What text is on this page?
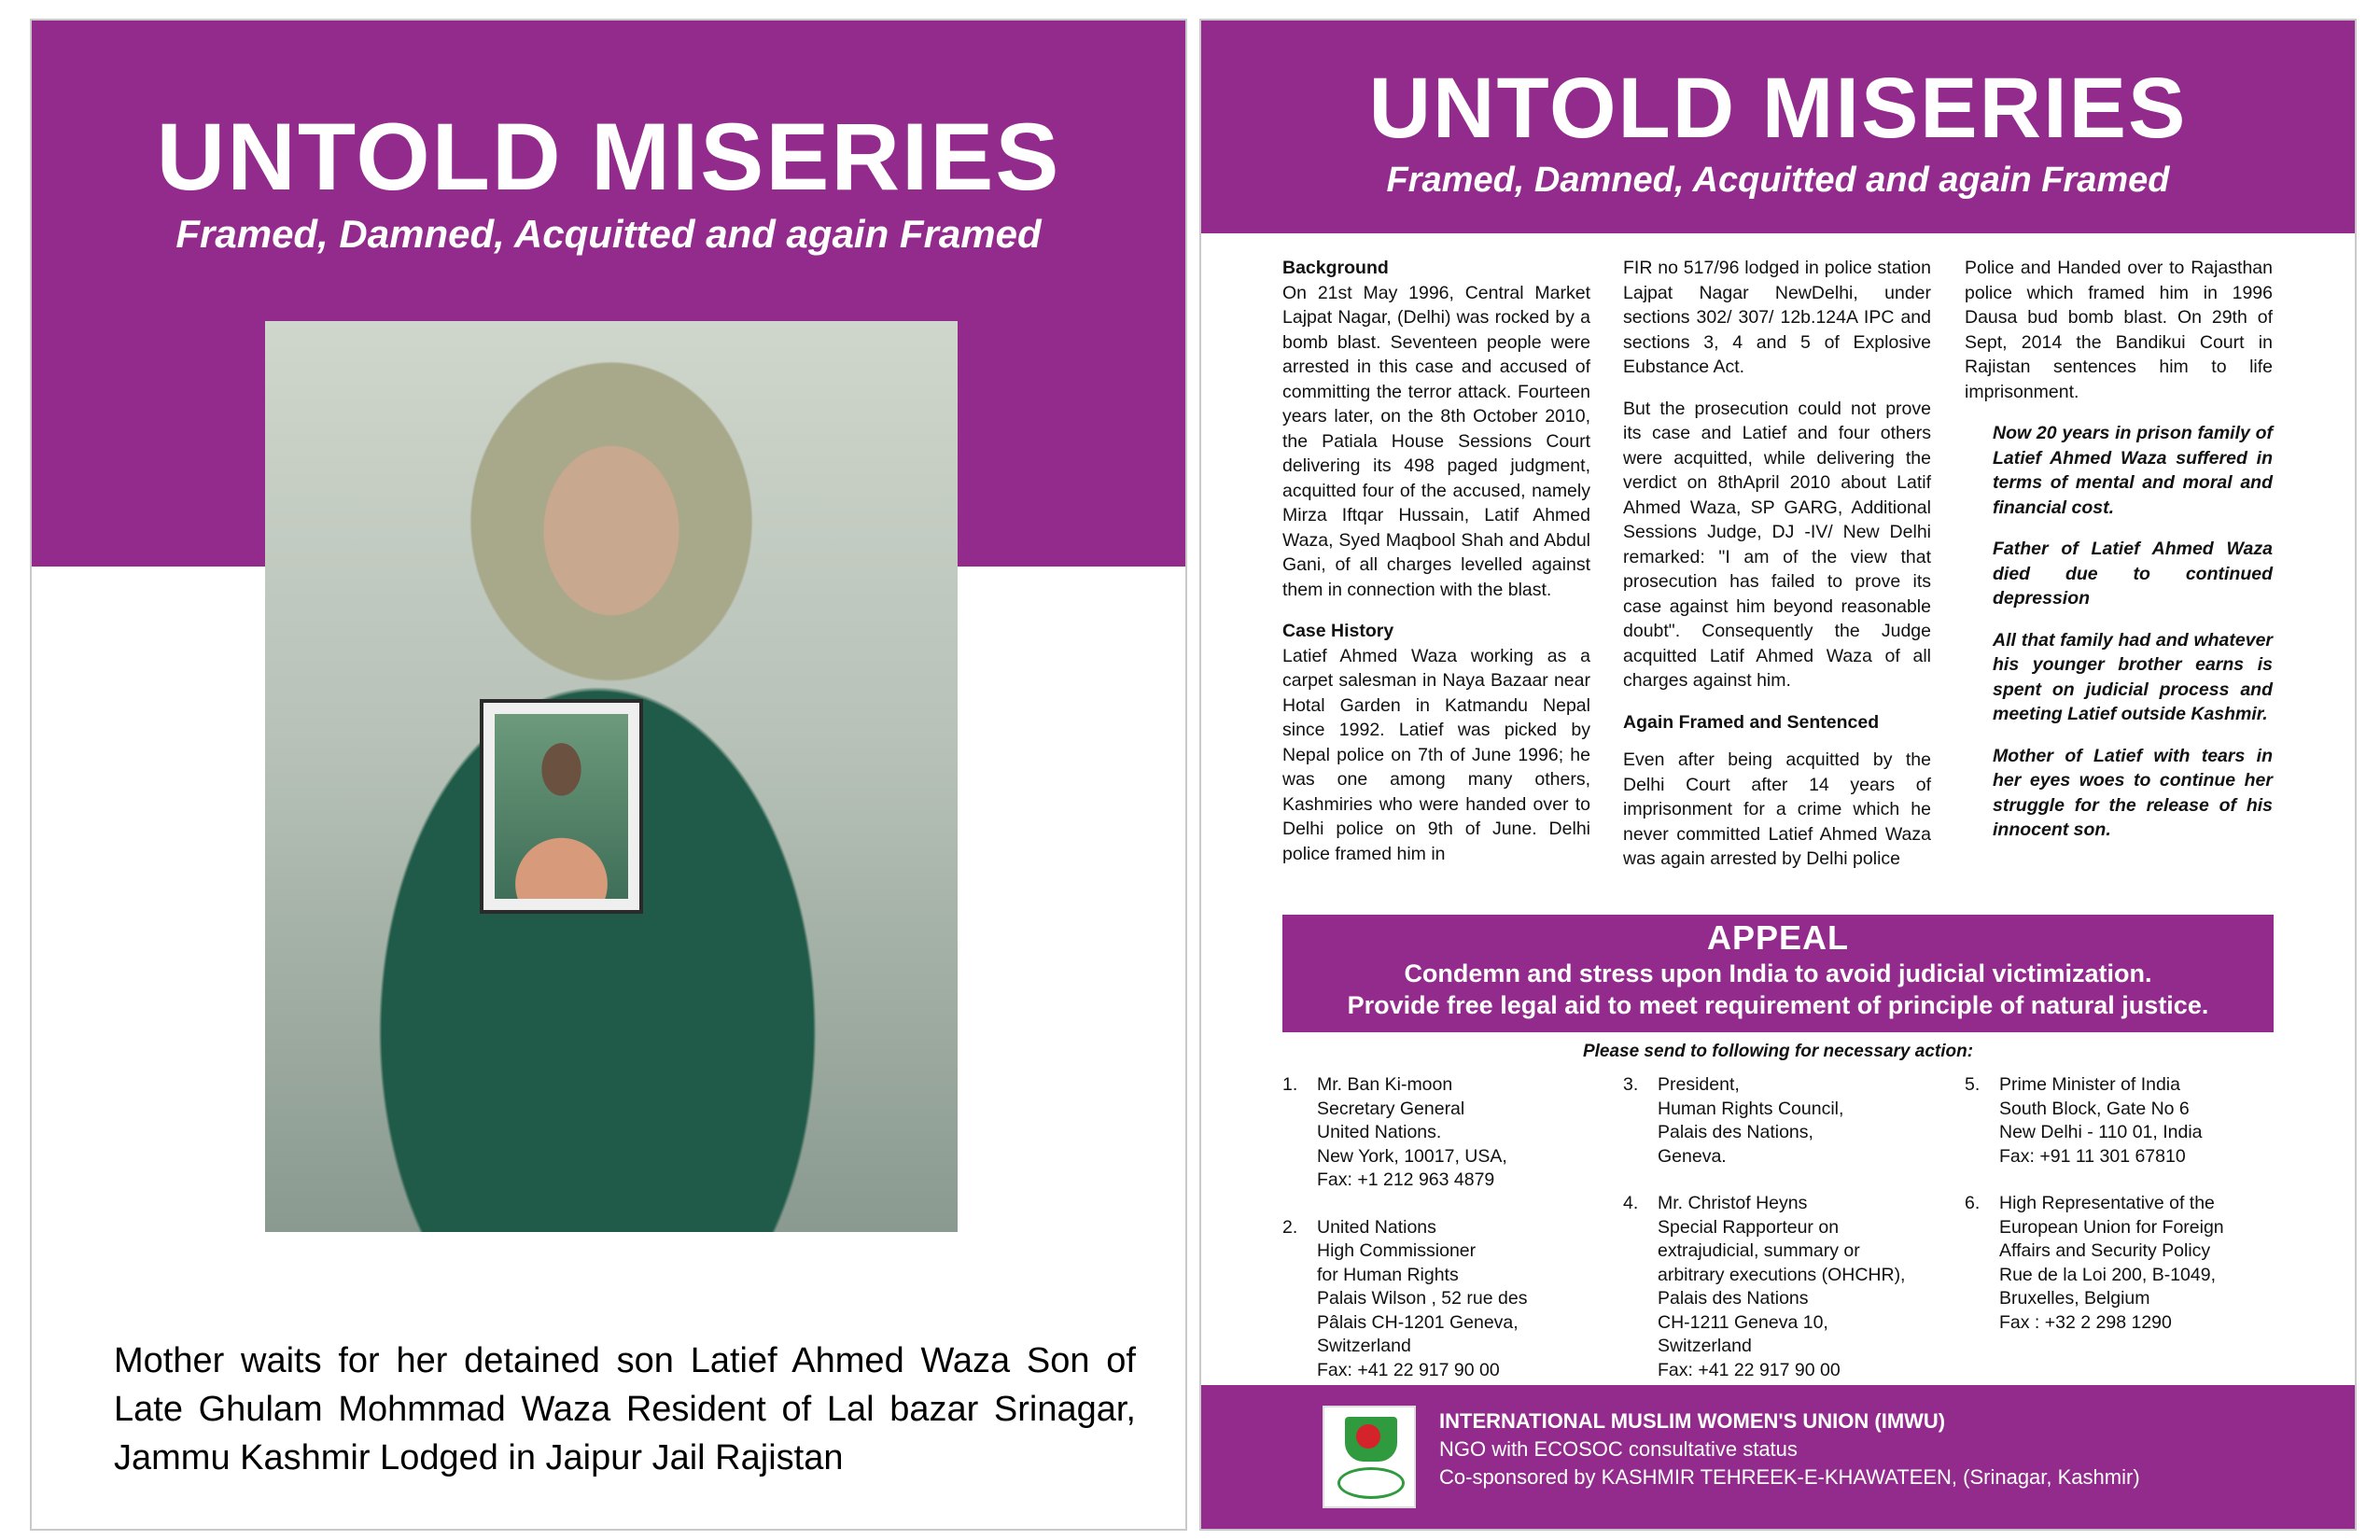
UNTOLD MISERIES
Framed, Damned, Acquitted and again Framed
Mother waits for her detained son Latief Ahmed Waza Son of Late Ghulam Mohmmad Waza Resident of Lal bazar Srinagar, Jammu Kashmir Lodged in Jaipur Jail Rajistan
UNTOLD MISERIES
Framed, Damned, Acquitted and again Framed
Background

On 21st May 1996, Central Market Lajpat Nagar, (Delhi) was rocked by a bomb blast. Seventeen people were arrested in this case and accused of committing the terror attack. Fourteen years later, on the 8th October 2010, the Patiala House Sessions Court delivering its 498 paged judgment, acquitted four of the accused, namely Mirza Iftqar Hussain, Latif Ahmed Waza, Syed Maqbool Shah and Abdul Gani, of all charges levelled against them in connection with the blast.

Case History

Latief Ahmed Waza working as a carpet salesman in Naya Bazaar near Hotal Garden in Katmandu Nepal since 1992. Latief was picked by Nepal police on 7th of June 1996; he was one among many others, Kashmiries who were handed over to Delhi police on 9th of June. Delhi police framed him in

FIR no 517/96 lodged in police station Lajpat Nagar NewDelhi, under sections 302/ 307/ 12b.124A IPC and sections 3, 4 and 5 of Explosive Eubstance Act.

But the prosecution could not prove its case and Latief and four others were acquitted, while delivering the verdict on 8thApril 2010 about Latif Ahmed Waza, SP GARG, Additional Sessions Judge, DJ -IV/ New Delhi remarked: "I am of the view that prosecution has failed to prove its case against him beyond reasonable doubt". Consequently the Judge acquitted Latif Ahmed Waza of all charges against him.

Again Framed and Sentenced

Even after being acquitted by the Delhi Court after 14 years of imprisonment for a crime which he never committed Latief Ahmed Waza was again arrested by Delhi police

Police and Handed over to Rajasthan police which framed him in 1996 Dausa bud bomb blast. On 29th of Sept, 2014 the Bandikui Court in Rajistan sentences him to life imprisonment.

Now 20 years in prison family of Latief Ahmed Waza suffered in terms of mental and moral and financial cost.

Father of Latief Ahmed Waza died due to continued depression

All that family had and whatever his younger brother earns is spent on judicial process and meeting Latief outside Kashmir.

Mother of Latief with tears in her eyes woes to continue her struggle for the release of his innocent son.

APPEAL
Condemn and stress upon India to avoid judicial victimization.
Provide free legal aid to meet requirement of principle of natural justice.
Please send to following for necessary action:
1.	Mr. Ban Ki-moon
Secretary General
United Nations.
New York, 10017, USA,
Fax: +1 212 963 4879
2.	United Nations
High Commissioner
for Human Rights
Palais Wilson , 52 rue des
Pâlais CH-1201 Geneva,
Switzerland
Fax: +41 22 917 90 00
3.	President,
Human Rights Council,
Palais des Nations,
Geneva.
4.	Mr. Christof Heyns
Special Rapporteur on
extrajudicial, summary or
arbitrary executions (OHCHR),
Palais des Nations
CH-1211 Geneva 10,
Switzerland
Fax: +41 22 917 90 00
5.	Prime Minister of India
South Block, Gate No 6
New Delhi - 110 01, India
Fax: +91 11 301 67810
6.	High Representative of the
European Union for Foreign
Affairs and Security Policy
Rue de la Loi 200, B-1049,
Bruxelles, Belgium
Fax : +32 2 298 1290
INTERNATIONAL MUSLIM WOMEN'S UNION (IMWU)
NGO with ECOSOC consultative status
Co-sponsored by KASHMIR TEHREEK-E-KHAWATEEN, (Srinagar, Kashmir)
